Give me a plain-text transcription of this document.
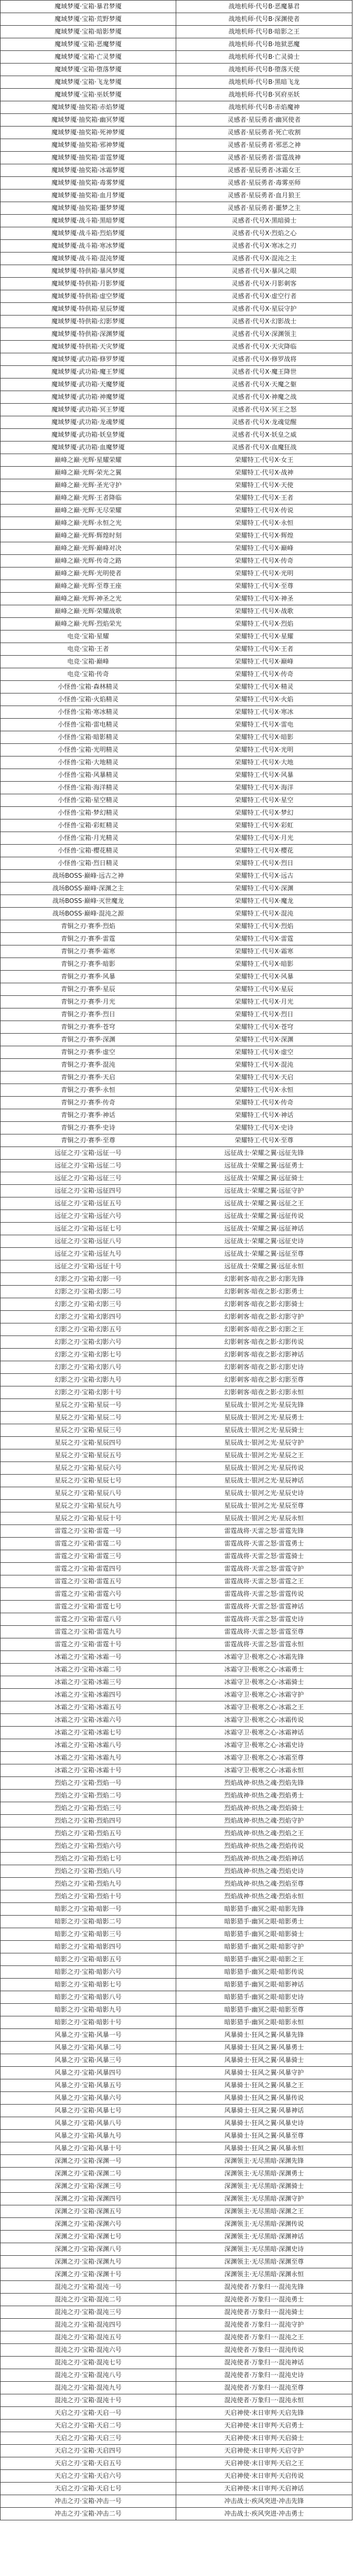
魔域梦魇·宝箱·暴君梦魇	战地机师·代号B·恶魔暴君
魔域梦魇·宝箱·荒野梦魇	战地机师·代号B·深渊使者
魔域梦魇·宝箱·暗影梦魇	战地机师·代号B·暗影之王
魔域梦魇·宝箱·恶魔梦魇	战地机师·代号B·地狱恶魔
魔域梦魇·宝箱·亡灵梦魇	战地机师·代号B·亡灵骑士
魔域梦魇·宝箱·堕落梦魇	战地机师·代号B·堕落天使
魔域梦魇·宝箱·飞龙梦魇	战地机师·代号B·黑暗飞龙
魔域梦魇·宝箱·巫妖梦魇	战地机师·代号B·冥府巫妖
魔域梦魇·抽奖箱·赤焰梦魇	战地机师·代号B·赤焰魔神
魔域梦魇·抽奖箱·幽冥梦魇	灵感者·星辰勇者·幽冥使者
魔域梦魇·抽奖箱·死神梦魇	灵感者·星辰勇者·死亡收割
魔域梦魇·抽奖箱·邪神梦魇	灵感者·星辰勇者·邪恶之神
魔域梦魇·抽奖箱·雷霆梦魇	灵感者·星辰勇者·雷霆战神
魔域梦魇·抽奖箱·冰霜梦魇	灵感者·星辰勇者·冰霜女王
魔域梦魇·抽奖箱·毒雾梦魇	灵感者·星辰勇者·毒雾巫师
魔域梦魇·抽奖箱·血月梦魇	灵感者·星辰勇者·血月狼王
魔域梦魇·抽奖箱·噩梦梦魇	灵感者·星辰勇者·噩梦之主
魔域梦魇·战斗箱·黑暗梦魇	灵感者·代号X·黑暗骑士
魔域梦魇·战斗箱·烈焰梦魇	灵感者·代号X·烈焰之心
魔域梦魇·战斗箱·寒冰梦魇	灵感者·代号X·寒冰之刃
魔域梦魇·战斗箱·混沌梦魇	灵感者·代号X·混沌之主
魔域梦魇·特供箱·暴风梦魇	灵感者·代号X·暴风之眼
魔域梦魇·特供箱·月影梦魇	灵感者·代号X·月影刺客
魔域梦魇·特供箱·虚空梦魇	灵感者·代号X·虚空行者
魔域梦魇·特供箱·星辰梦魇	灵感者·代号X·星辰守护
魔域梦魇·特供箱·幻影梦魇	灵感者·代号X·幻影战士
魔域梦魇·特供箱·深渊梦魇	灵感者·代号X·深渊领主
魔域梦魇·特供箱·天灾梦魇	灵感者·代号X·天灾降临
魔域梦魇·武功箱·修罗梦魇	灵感者·代号X·修罗战将
魔域梦魇·武功箱·魔王梦魇	灵感者·代号X·魔王降世
魔域梦魇·武功箱·天魔梦魇	灵感者·代号X·天魔之躯
魔域梦魇·武功箱·神魔梦魇	灵感者·代号X·神魔之战
魔域梦魇·武功箱·冥王梦魇	灵感者·代号X·冥王之怒
魔域梦魇·武功箱·龙魂梦魇	灵感者·代号X·龙魂觉醒
魔域梦魇·武功箱·妖皇梦魇	灵感者·代号X·妖皇之威
魔域梦魇·武功箱·血魔梦魇	灵感者·代号X·血魔狂战
巅峰之巅·光辉·星耀荣耀	荣耀特工·代号X·女王
巅峰之巅·光辉·荣光之翼	荣耀特工·代号X·战神
巅峰之巅·光辉·圣光守护	荣耀特工·代号X·天使
巅峰之巅·光辉·王者降临	荣耀特工·代号X·王者
巅峰之巅·光辉·无尽荣耀	荣耀特工·代号X·传说
巅峰之巅·光辉·永恒之光	荣耀特工·代号X·永恒
巅峰之巅·光辉·辉煌时刻	荣耀特工·代号X·辉煌
巅峰之巅·光辉·巅峰对决	荣耀特工·代号X·巅峰
巅峰之巅·光辉·传奇之路	荣耀特工·代号X·传奇
巅峰之巅·光辉·光明使者	荣耀特工·代号X·光明
巅峰之巅·光辉·至尊王座	荣耀特工·代号X·至尊
巅峰之巅·光辉·神圣之光	荣耀特工·代号X·神圣
巅峰之巅·光辉·荣耀战歌	荣耀特工·代号X·战歌
巅峰之巅·光辉·烈焰荣光	荣耀特工·代号X·烈焰
电竞·宝箱·星耀	荣耀特工·代号X·星耀
电竞·宝箱·王者	荣耀特工·代号X·王者
电竞·宝箱·巅峰	荣耀特工·代号X·巅峰
电竞·宝箱·传奇	荣耀特工·代号X·传奇
小怪兽·宝箱·森林精灵	荣耀特工·代号X·精灵
小怪兽·宝箱·火焰精灵	荣耀特工·代号X·火焰
小怪兽·宝箱·寒冰精灵	荣耀特工·代号X·寒冰
小怪兽·宝箱·雷电精灵	荣耀特工·代号X·雷电
小怪兽·宝箱·暗影精灵	荣耀特工·代号X·暗影
小怪兽·宝箱·光明精灵	荣耀特工·代号X·光明
小怪兽·宝箱·大地精灵	荣耀特工·代号X·大地
小怪兽·宝箱·风暴精灵	荣耀特工·代号X·风暴
小怪兽·宝箱·海洋精灵	荣耀特工·代号X·海洋
小怪兽·宝箱·星空精灵	荣耀特工·代号X·星空
小怪兽·宝箱·梦幻精灵	荣耀特工·代号X·梦幻
小怪兽·宝箱·彩虹精灵	荣耀特工·代号X·彩虹
小怪兽·宝箱·月光精灵	荣耀特工·代号X·月光
小怪兽·宝箱·樱花精灵	荣耀特工·代号X·樱花
小怪兽·宝箱·烈日精灵	荣耀特工·代号X·烈日
战场BOSS·巅峰·远古之神	荣耀特工·代号X·远古
战场BOSS·巅峰·深渊之主	荣耀特工·代号X·深渊
战场BOSS·巅峰·灭世魔龙	荣耀特工·代号X·魔龙
战场BOSS·巅峰·混沌之源	荣耀特工·代号X·混沌
青铜之刃·赛季·烈焰	荣耀特工·代号X·烈焰
青铜之刃·赛季·雷霆	荣耀特工·代号X·雷霆
青铜之刃·赛季·霜寒	荣耀特工·代号X·霜寒
青铜之刃·赛季·暗影	荣耀特工·代号X·暗影
青铜之刃·赛季·风暴	荣耀特工·代号X·风暴
青铜之刃·赛季·星辰	荣耀特工·代号X·星辰
青铜之刃·赛季·月光	荣耀特工·代号X·月光
青铜之刃·赛季·烈日	荣耀特工·代号X·烈日
青铜之刃·赛季·苍穹	荣耀特工·代号X·苍穹
青铜之刃·赛季·深渊	荣耀特工·代号X·深渊
青铜之刃·赛季·虚空	荣耀特工·代号X·虚空
青铜之刃·赛季·混沌	荣耀特工·代号X·混沌
青铜之刃·赛季·天启	荣耀特工·代号X·天启
青铜之刃·赛季·永恒	荣耀特工·代号X·永恒
青铜之刃·赛季·传奇	荣耀特工·代号X·传奇
青铜之刃·赛季·神话	荣耀特工·代号X·神话
青铜之刃·赛季·史诗	荣耀特工·代号X·史诗
青铜之刃·赛季·至尊	荣耀特工·代号X·至尊
远征之刃·宝箱·远征一号	远征战士·荣耀之翼·远征先锋
远征之刃·宝箱·远征二号	远征战士·荣耀之翼·远征勇士
远征之刃·宝箱·远征三号	远征战士·荣耀之翼·远征骑士
远征之刃·宝箱·远征四号	远征战士·荣耀之翼·远征守护
远征之刃·宝箱·远征五号	远征战士·荣耀之翼·远征之王
远征之刃·宝箱·远征六号	远征战士·荣耀之翼·远征传说
远征之刃·宝箱·远征七号	远征战士·荣耀之翼·远征神话
远征之刃·宝箱·远征八号	远征战士·荣耀之翼·远征史诗
远征之刃·宝箱·远征九号	远征战士·荣耀之翼·远征至尊
远征之刃·宝箱·远征十号	远征战士·荣耀之翼·远征永恒
幻影之刃·宝箱·幻影一号	幻影刺客·暗夜之影·幻影先锋
幻影之刃·宝箱·幻影二号	幻影刺客·暗夜之影·幻影勇士
幻影之刃·宝箱·幻影三号	幻影刺客·暗夜之影·幻影骑士
幻影之刃·宝箱·幻影四号	幻影刺客·暗夜之影·幻影守护
幻影之刃·宝箱·幻影五号	幻影刺客·暗夜之影·幻影之王
幻影之刃·宝箱·幻影六号	幻影刺客·暗夜之影·幻影传说
幻影之刃·宝箱·幻影七号	幻影刺客·暗夜之影·幻影神话
幻影之刃·宝箱·幻影八号	幻影刺客·暗夜之影·幻影史诗
幻影之刃·宝箱·幻影九号	幻影刺客·暗夜之影·幻影至尊
幻影之刃·宝箱·幻影十号	幻影刺客·暗夜之影·幻影永恒
星辰之刃·宝箱·星辰一号	星辰战士·银河之光·星辰先锋
星辰之刃·宝箱·星辰二号	星辰战士·银河之光·星辰勇士
星辰之刃·宝箱·星辰三号	星辰战士·银河之光·星辰骑士
星辰之刃·宝箱·星辰四号	星辰战士·银河之光·星辰守护
星辰之刃·宝箱·星辰五号	星辰战士·银河之光·星辰之王
星辰之刃·宝箱·星辰六号	星辰战士·银河之光·星辰传说
星辰之刃·宝箱·星辰七号	星辰战士·银河之光·星辰神话
星辰之刃·宝箱·星辰八号	星辰战士·银河之光·星辰史诗
星辰之刃·宝箱·星辰九号	星辰战士·银河之光·星辰至尊
星辰之刃·宝箱·星辰十号	星辰战士·银河之光·星辰永恒
雷霆之刃·宝箱·雷霆一号	雷霆战将·天雷之怒·雷霆先锋
雷霆之刃·宝箱·雷霆二号	雷霆战将·天雷之怒·雷霆勇士
雷霆之刃·宝箱·雷霆三号	雷霆战将·天雷之怒·雷霆骑士
雷霆之刃·宝箱·雷霆四号	雷霆战将·天雷之怒·雷霆守护
雷霆之刃·宝箱·雷霆五号	雷霆战将·天雷之怒·雷霆之王
雷霆之刃·宝箱·雷霆六号	雷霆战将·天雷之怒·雷霆传说
雷霆之刃·宝箱·雷霆七号	雷霆战将·天雷之怒·雷霆神话
雷霆之刃·宝箱·雷霆八号	雷霆战将·天雷之怒·雷霆史诗
雷霆之刃·宝箱·雷霆九号	雷霆战将·天雷之怒·雷霆至尊
雷霆之刃·宝箱·雷霆十号	雷霆战将·天雷之怒·雷霆永恒
冰霜之刃·宝箱·冰霜一号	冰霜守卫·极寒之心·冰霜先锋
冰霜之刃·宝箱·冰霜二号	冰霜守卫·极寒之心·冰霜勇士
冰霜之刃·宝箱·冰霜三号	冰霜守卫·极寒之心·冰霜骑士
冰霜之刃·宝箱·冰霜四号	冰霜守卫·极寒之心·冰霜守护
冰霜之刃·宝箱·冰霜五号	冰霜守卫·极寒之心·冰霜之王
冰霜之刃·宝箱·冰霜六号	冰霜守卫·极寒之心·冰霜传说
冰霜之刃·宝箱·冰霜七号	冰霜守卫·极寒之心·冰霜神话
冰霜之刃·宝箱·冰霜八号	冰霜守卫·极寒之心·冰霜史诗
冰霜之刃·宝箱·冰霜九号	冰霜守卫·极寒之心·冰霜至尊
冰霜之刃·宝箱·冰霜十号	冰霜守卫·极寒之心·冰霜永恒
烈焰之刃·宝箱·烈焰一号	烈焰战神·炽热之魂·烈焰先锋
烈焰之刃·宝箱·烈焰二号	烈焰战神·炽热之魂·烈焰勇士
烈焰之刃·宝箱·烈焰三号	烈焰战神·炽热之魂·烈焰骑士
烈焰之刃·宝箱·烈焰四号	烈焰战神·炽热之魂·烈焰守护
烈焰之刃·宝箱·烈焰五号	烈焰战神·炽热之魂·烈焰之王
烈焰之刃·宝箱·烈焰六号	烈焰战神·炽热之魂·烈焰传说
烈焰之刃·宝箱·烈焰七号	烈焰战神·炽热之魂·烈焰神话
烈焰之刃·宝箱·烈焰八号	烈焰战神·炽热之魂·烈焰史诗
烈焰之刃·宝箱·烈焰九号	烈焰战神·炽热之魂·烈焰至尊
烈焰之刃·宝箱·烈焰十号	烈焰战神·炽热之魂·烈焰永恒
暗影之刃·宝箱·暗影一号	暗影猎手·幽冥之眼·暗影先锋
暗影之刃·宝箱·暗影二号	暗影猎手·幽冥之眼·暗影勇士
暗影之刃·宝箱·暗影三号	暗影猎手·幽冥之眼·暗影骑士
暗影之刃·宝箱·暗影四号	暗影猎手·幽冥之眼·暗影守护
暗影之刃·宝箱·暗影五号	暗影猎手·幽冥之眼·暗影之王
暗影之刃·宝箱·暗影六号	暗影猎手·幽冥之眼·暗影传说
暗影之刃·宝箱·暗影七号	暗影猎手·幽冥之眼·暗影神话
暗影之刃·宝箱·暗影八号	暗影猎手·幽冥之眼·暗影史诗
暗影之刃·宝箱·暗影九号	暗影猎手·幽冥之眼·暗影至尊
暗影之刃·宝箱·暗影十号	暗影猎手·幽冥之眼·暗影永恒
风暴之刃·宝箱·风暴一号	风暴骑士·狂风之翼·风暴先锋
风暴之刃·宝箱·风暴二号	风暴骑士·狂风之翼·风暴勇士
风暴之刃·宝箱·风暴三号	风暴骑士·狂风之翼·风暴骑士
风暴之刃·宝箱·风暴四号	风暴骑士·狂风之翼·风暴守护
风暴之刃·宝箱·风暴五号	风暴骑士·狂风之翼·风暴之王
风暴之刃·宝箱·风暴六号	风暴骑士·狂风之翼·风暴传说
风暴之刃·宝箱·风暴七号	风暴骑士·狂风之翼·风暴神话
风暴之刃·宝箱·风暴八号	风暴骑士·狂风之翼·风暴史诗
风暴之刃·宝箱·风暴九号	风暴骑士·狂风之翼·风暴至尊
风暴之刃·宝箱·风暴十号	风暴骑士·狂风之翼·风暴永恒
深渊之刃·宝箱·深渊一号	深渊领主·无尽黑暗·深渊先锋
深渊之刃·宝箱·深渊二号	深渊领主·无尽黑暗·深渊勇士
深渊之刃·宝箱·深渊三号	深渊领主·无尽黑暗·深渊骑士
深渊之刃·宝箱·深渊四号	深渊领主·无尽黑暗·深渊守护
深渊之刃·宝箱·深渊五号	深渊领主·无尽黑暗·深渊之王
深渊之刃·宝箱·深渊六号	深渊领主·无尽黑暗·深渊传说
深渊之刃·宝箱·深渊七号	深渊领主·无尽黑暗·深渊神话
深渊之刃·宝箱·深渊八号	深渊领主·无尽黑暗·深渊史诗
深渊之刃·宝箱·深渊九号	深渊领主·无尽黑暗·深渊至尊
深渊之刃·宝箱·深渊十号	深渊领主·无尽黑暗·深渊永恒
混沌之刃·宝箱·混沌一号	混沌使者·万象归一·混沌先锋
混沌之刃·宝箱·混沌二号	混沌使者·万象归一·混沌勇士
混沌之刃·宝箱·混沌三号	混沌使者·万象归一·混沌骑士
混沌之刃·宝箱·混沌四号	混沌使者·万象归一·混沌守护
混沌之刃·宝箱·混沌五号	混沌使者·万象归一·混沌之王
混沌之刃·宝箱·混沌六号	混沌使者·万象归一·混沌传说
混沌之刃·宝箱·混沌七号	混沌使者·万象归一·混沌神话
混沌之刃·宝箱·混沌八号	混沌使者·万象归一·混沌史诗
混沌之刃·宝箱·混沌九号	混沌使者·万象归一·混沌至尊
混沌之刃·宝箱·混沌十号	混沌使者·万象归一·混沌永恒
天启之刃·宝箱·天启一号	天启神使·末日审判·天启先锋
天启之刃·宝箱·天启二号	天启神使·末日审判·天启勇士
天启之刃·宝箱·天启三号	天启神使·末日审判·天启骑士
天启之刃·宝箱·天启四号	天启神使·末日审判·天启守护
天启之刃·宝箱·天启五号	天启神使·末日审判·天启之王
天启之刃·宝箱·天启六号	天启神使·末日审判·天启传说
天启之刃·宝箱·天启七号	天启神使·末日审判·天启神话
冲击之刃·宝箱·冲击一号	冲击战士·疾风突进·冲击先锋
冲击之刃·宝箱·冲击二号	冲击战士·疾风突进·冲击勇士
